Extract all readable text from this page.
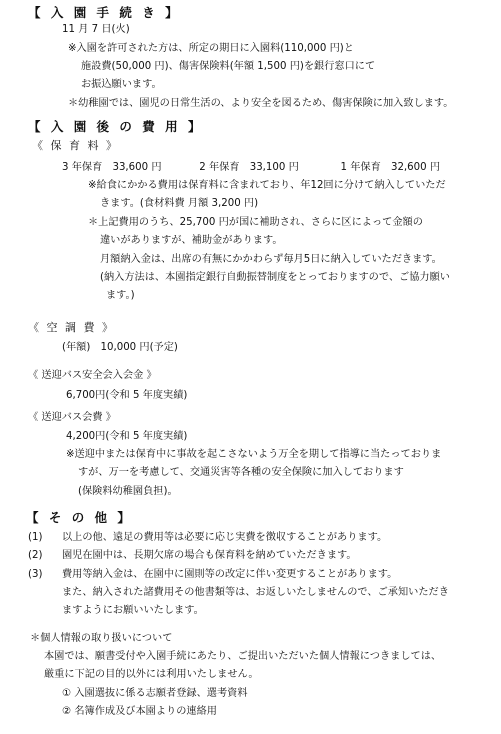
【 入 園 手 続 き 】
11 月 7 日(火)
※入園を許可された方は、所定の期日に入園料(110,000 円)と
施設費(50,000 円)、傷害保険料(年額 1,500 円)を銀行窓口にて
お振込願います。
＊幼稚園では、園児の日常生活の、より安全を図るため、傷害保険に加入致します。
【 入 園 後 の 費 用 】
《 保 育 料 》
3 年保育　33,600 円	2 年保育　33,100 円	1 年保育　32,600 円
※給食にかかる費用は保育料に含まれており、年12回に分けて納入していただ
きます。(食材料費 月額 3,200 円)
＊上記費用のうち、25,700 円が国に補助され、さらに区によって金額の
違いがありますが、補助金があります。
月額納入金は、出席の有無にかかわらず毎月5日に納入していただきます。
(納入方法は、本園指定銀行自動振替制度をとっておりますので、ご協力願い
ます。)
《 空 調 費 》
(年額)　10,000 円(予定)
《 送迎バス安全会入会金 》
6,700円(令和 5 年度実績)
《 送迎バス会費 》
4,200円(令和 5 年度実績)
※送迎中または保育中に事故を起こさないよう万全を期して指導に当たっておりま
すが、万一を考慮して、交通災害等各種の安全保険に加入しております
(保険料幼稚園負担)。
【 そ の 他 】
(1) 以上の他、遠足の費用等は必要に応じ実費を徴収することがあります。
(2) 園児在園中は、長期欠席の場合も保育料を納めていただきます。
(3) 費用等納入金は、在園中に園則等の改定に伴い変更することがあります。
また、納入された諸費用その他書類等は、お返しいたしませんので、ご承知いただき
ますようにお願いいたします。
＊個人情報の取り扱いについて
本園では、願書受付や入園手続にあたり、ご提出いただいた個人情報につきましては、
厳重に下記の目的以外には利用いたしません。
① 入園選抜に係る志願者登録、選考資料
② 名簿作成及び本園よりの連絡用
